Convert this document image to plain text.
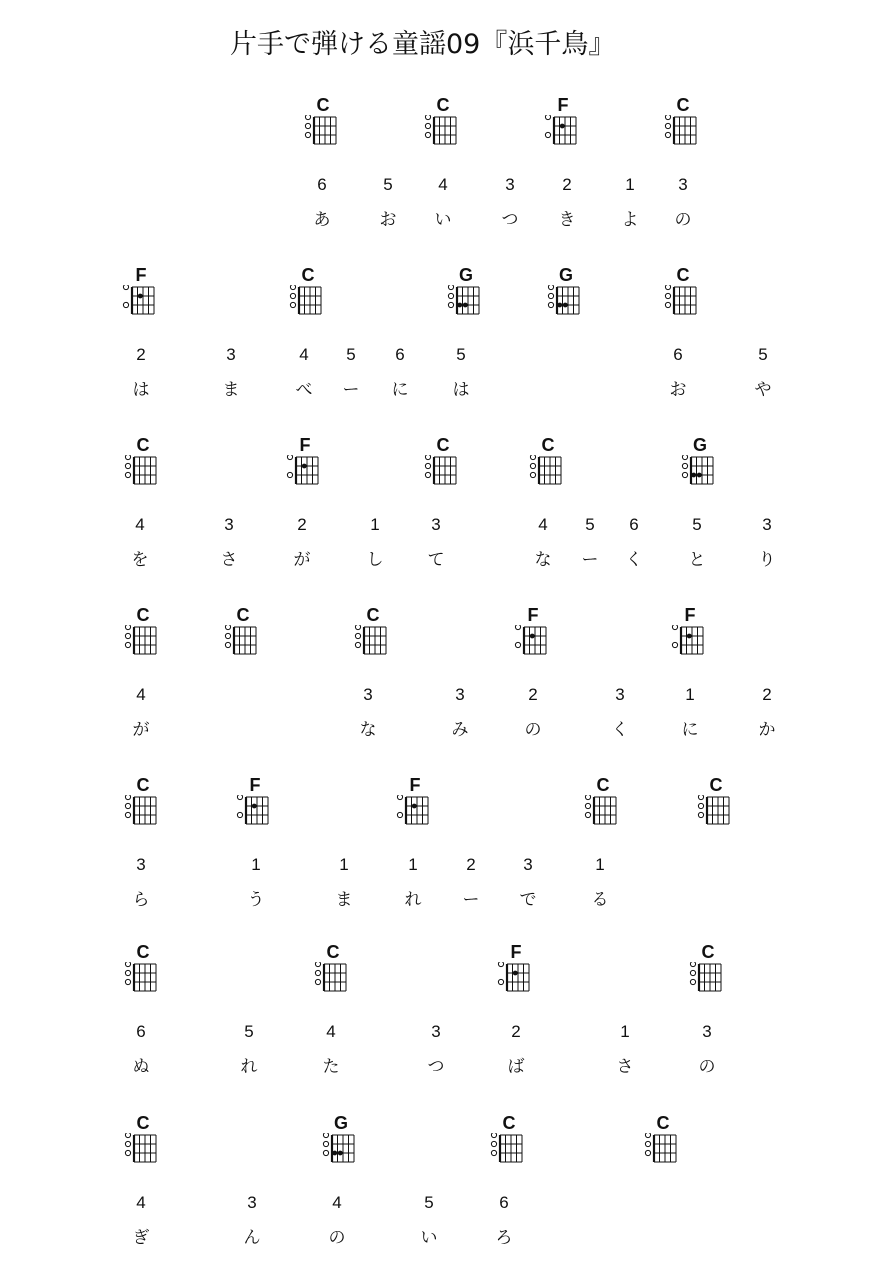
片手で弾ける童謡09『浜千鳥』
C	C	F	C
6	5	4	3	2	1	3
あ	お い	つ き	よ の
F	C	G	G	C
2	3	4 5 6	5	6	5
は	ま	べ ー に	は	お	や
C	F	C	C	G
4	3	2	1	3	4 5 6	5	3
を	さ	が	し	て	な ー く	と	り
C	C	C	F	F
4	3	3	2	3	1	2
が	な	み	の	く	に	か
C	F	F	C	C
3	1	1	1	2	3	1
ら	う	ま	れ ー で	る
C	C	F	C
6	5	4	3	2	1	3
ぬ	れ	た	つ	ば	さ	の
C	G	C	C
4	3	4	5	6
ぎ	ん	の	い	ろ
